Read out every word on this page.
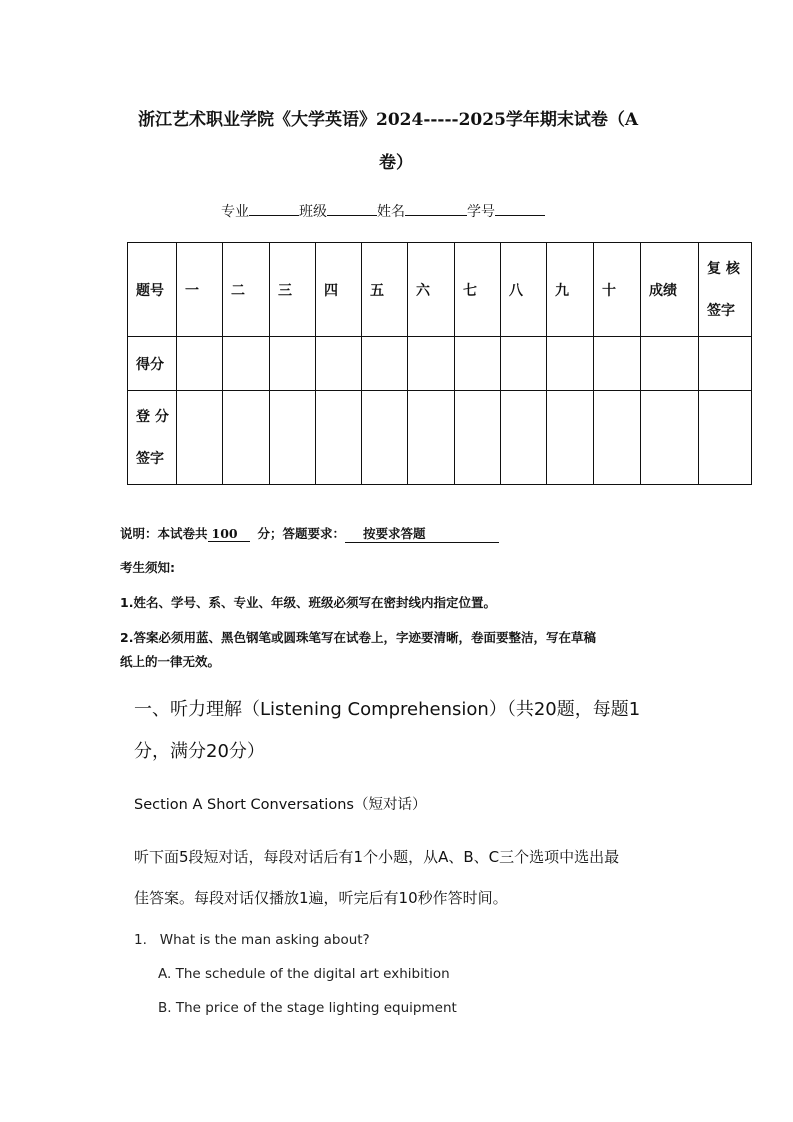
浙江艺术职业学院《大学英语》2024-----2025学年期末试卷（A
卷）
专业	班级	姓名	学号
题号	一	二	三	四	五	六	七	八	九	十	成绩	复 核
签字

得分												

登 分
签字												

说明：本试卷共 100 分；答题要求： 按要求答题
考生须知:
1.姓名、学号、系、专业、年级、班级必须写在密封线内指定位置。
2.答案必须用蓝、黑色钢笔或圆珠笔写在试卷上，字迹要清晰，卷面要整洁，写在草稿
纸上的一律无效。
一、听力理解（Listening Comprehension）（共20题，每题1
分，满分20分）
Section A Short Conversations（短对话）
听下面5段短对话，每段对话后有1个小题，从A、B、C三个选项中选出最
佳答案。每段对话仅播放1遍，听完后有10秒作答时间。
1.   What is the man asking about?
A. The schedule of the digital art exhibition
B. The price of the stage lighting equipment
